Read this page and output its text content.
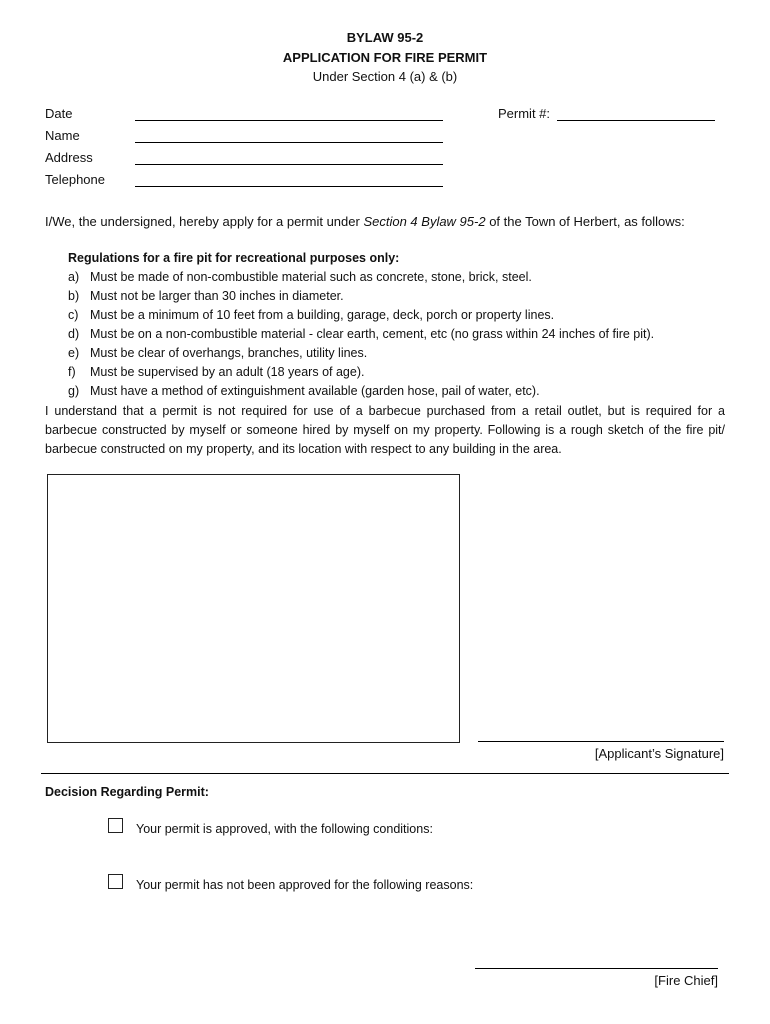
BYLAW 95-2
APPLICATION FOR FIRE PERMIT
Under Section 4 (a) & (b)
Date
Name
Address
Telephone
Permit #:
I/We, the undersigned, hereby apply for a permit under Section 4 Bylaw 95-2 of the Town of Herbert, as follows:
Regulations for a fire pit for recreational purposes only:
a) Must be made of non-combustible material such as concrete, stone, brick, steel.
b) Must not be larger than 30 inches in diameter.
c) Must be a minimum of 10 feet from a building, garage, deck, porch or property lines.
d) Must be on a non-combustible material - clear earth, cement, etc (no grass within 24 inches of fire pit).
e) Must be clear of overhangs, branches, utility lines.
f) Must be supervised by an adult (18 years of age).
g) Must have a method of extinguishment available (garden hose, pail of water, etc).
I understand that a permit is not required for use of a barbecue purchased from a retail outlet, but is required for a barbecue constructed by myself or someone hired by myself on my property. Following is a rough sketch of the fire pit/ barbecue constructed on my property, and its location with respect to any building in the area.
[Applicant’s Signature]
Decision Regarding Permit:
Your permit is approved, with the following conditions:
Your permit has not been approved for the following reasons:
[Fire Chief]
